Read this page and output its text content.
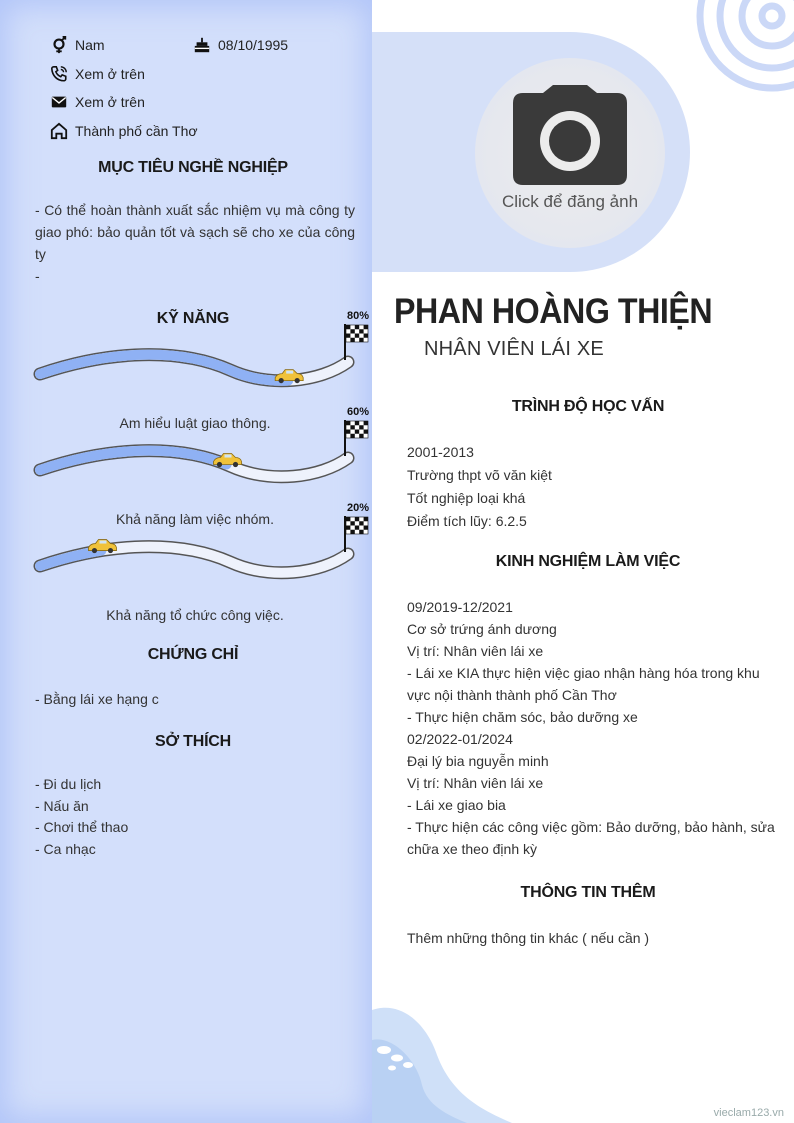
Nam	08/10/1995
Xem ở trên
Xem ở trên
Thành phố cần Thơ
MỤC TIÊU NGHỀ NGHIỆP
- Có thể hoàn thành xuất sắc nhiệm vụ mà công ty giao phó: bảo quản tốt và sạch sẽ cho xe của công ty
-
KỸ NĂNG	80%
Am hiểu luật giao thông.
60%
Khả năng làm việc nhóm.
20%
Khả năng tổ chức công việc.
CHỨNG CHỈ
- Bằng lái xe hạng c
SỞ THÍCH
- Đi du lịch
- Nấu ăn
- Chơi thể thao
- Ca nhạc
Click để đăng ảnh
PHAN HOÀNG THIỆN
NHÂN VIÊN LÁI XE
TRÌNH ĐỘ HỌC VẤN
2001-2013
Trường thpt võ văn kiệt
Tốt nghiệp loại khá
Điểm tích lũy: 6.2.5
KINH NGHIỆM LÀM VIỆC
09/2019-12/2021
Cơ sở trứng ánh dương
Vị trí: Nhân viên lái xe
- Lái xe KIA thực hiện việc giao nhận hàng hóa trong khu vực nội thành thành phố Cần Thơ
- Thực hiện chăm sóc, bảo dưỡng xe
02/2022-01/2024
Đại lý bia nguyễn minh
Vị trí: Nhân viên lái xe
- Lái xe giao bia
- Thực hiện các công việc gồm: Bảo dưỡng, bảo hành, sửa chữa xe theo định kỳ
THÔNG TIN THÊM
Thêm những thông tin khác ( nếu cần )
vieclam123.vn
